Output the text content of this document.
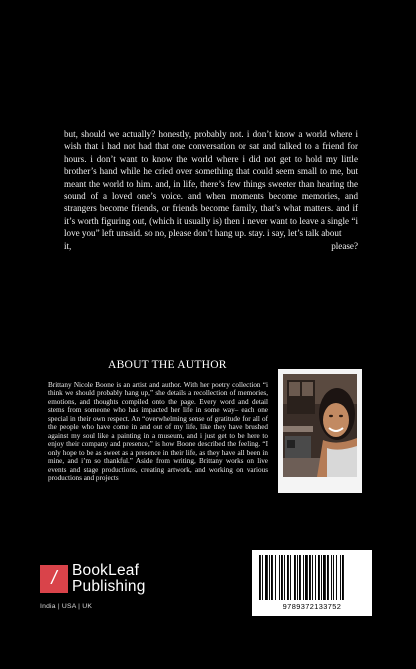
but, should we actually? honestly, probably not. i don’t know a world where i wish that i had not had that one conversation or sat and talked to a friend for hours. i don’t want to know the world where i did not get to hold my little brother’s hand while he cried over something that could seem small to me, but meant the world to him. and, in life, there’s few things sweeter than hearing the sound of a loved one’s voice. and when moments become memories, and strangers become friends, or friends become family, that’s what matters. and if it’s worth figuring out, (which it usually is) then i never want to leave a single “i love you” left unsaid. so no, please don’t hang up. stay. i say, let’s talk about
it,	please?
ABOUT THE AUTHOR
Brittany Nicole Boone is an artist and author. With her poetry collection “i think we should probably hang up,” she details a recollection of memories, emotions, and thoughts compiled onto the page. Every word and detail stems from someone who has impacted her life in some way– each one special in their own respect. An “overwhelming sense of gratitude for all of the people who have come in and out of my life, like they have brushed against my soul like a painting in a museum, and i just get to be here to enjoy their company and presence,” is how Boone described the feeling. “I only hope to be as sweet as a presence in their life, as they have all been in mine, and i’m so thankful.” Aside from writing, Brittany works on live events and stage productions, creating artwork, and working on various productions and projects
/ BookLeaf Publishing
India | USA | UK	9789372133752
